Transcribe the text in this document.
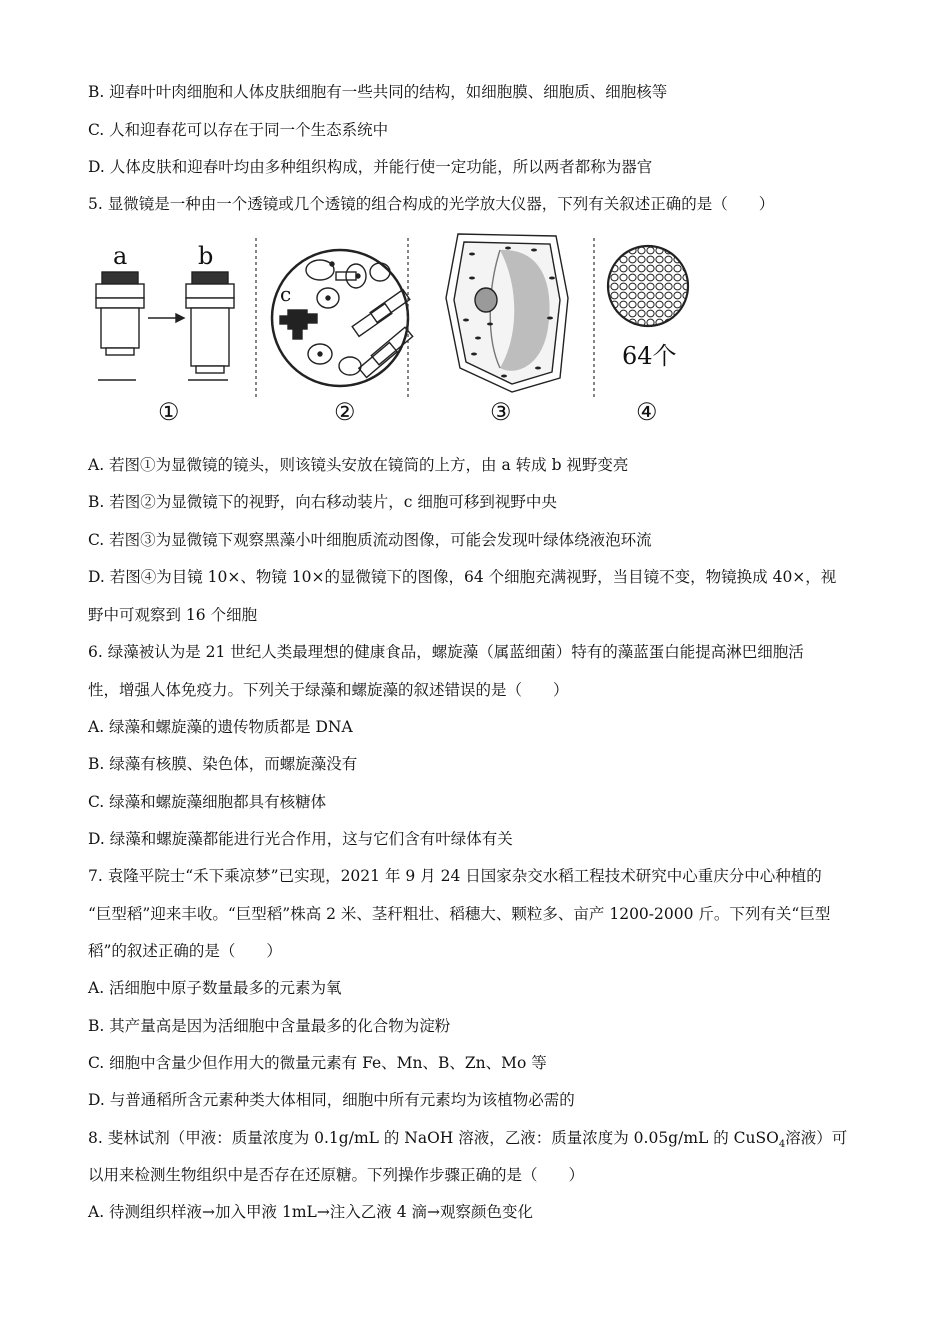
B. 迎春叶叶肉细胞和人体皮肤细胞有一些共同的结构，如细胞膜、细胞质、细胞核等
C. 人和迎春花可以存在于同一个生态系统中
D. 人体皮肤和迎春叶均由多种组织构成，并能行使一定功能，所以两者都称为器官
5. 显微镜是一种由一个透镜或几个透镜的组合构成的光学放大仪器，下列有关叙述正确的是（　　）
a	b
①
c
②	③
64个
④
A. 若图①为显微镜的镜头，则该镜头安放在镜筒的上方，由 a 转成 b 视野变亮
B. 若图②为显微镜下的视野，向右移动装片，c 细胞可移到视野中央
C. 若图③为显微镜下观察黑藻小叶细胞质流动图像，可能会发现叶绿体绕液泡环流
D. 若图④为目镜 10×、物镜 10×的显微镜下的图像，64 个细胞充满视野，当目镜不变，物镜换成 40×，视
野中可观察到 16 个细胞
6. 绿藻被认为是 21 世纪人类最理想的健康食品，螺旋藻（属蓝细菌）特有的藻蓝蛋白能提高淋巴细胞活
性，增强人体免疫力。下列关于绿藻和螺旋藻的叙述错误的是（　　）
A. 绿藻和螺旋藻的遗传物质都是 DNA
B. 绿藻有核膜、染色体，而螺旋藻没有
C. 绿藻和螺旋藻细胞都具有核糖体
D. 绿藻和螺旋藻都能进行光合作用，这与它们含有叶绿体有关
7. 袁隆平院士“禾下乘凉梦”已实现，2021 年 9 月 24 日国家杂交水稻工程技术研究中心重庆分中心种植的
“巨型稻”迎来丰收。“巨型稻”株高 2 米、茎秆粗壮、稻穗大、颗粒多、亩产 1200-2000 斤。下列有关“巨型
稻”的叙述正确的是（　　）
A. 活细胞中原子数量最多的元素为氧
B. 其产量高是因为活细胞中含量最多的化合物为淀粉
C. 细胞中含量少但作用大的微量元素有 Fe、Mn、B、Zn、Mo 等
D. 与普通稻所含元素种类大体相同，细胞中所有元素均为该植物必需的
8. 斐林试剂（甲液：质量浓度为 0.1g/mL 的 NaOH 溶液，乙液：质量浓度为 0.05g/mL 的 CuSO$_4$溶液）可
以用来检测生物组织中是否存在还原糖。下列操作步骤正确的是（　　）
A. 待测组织样液→加入甲液 1mL→注入乙液 4 滴→观察颜色变化
